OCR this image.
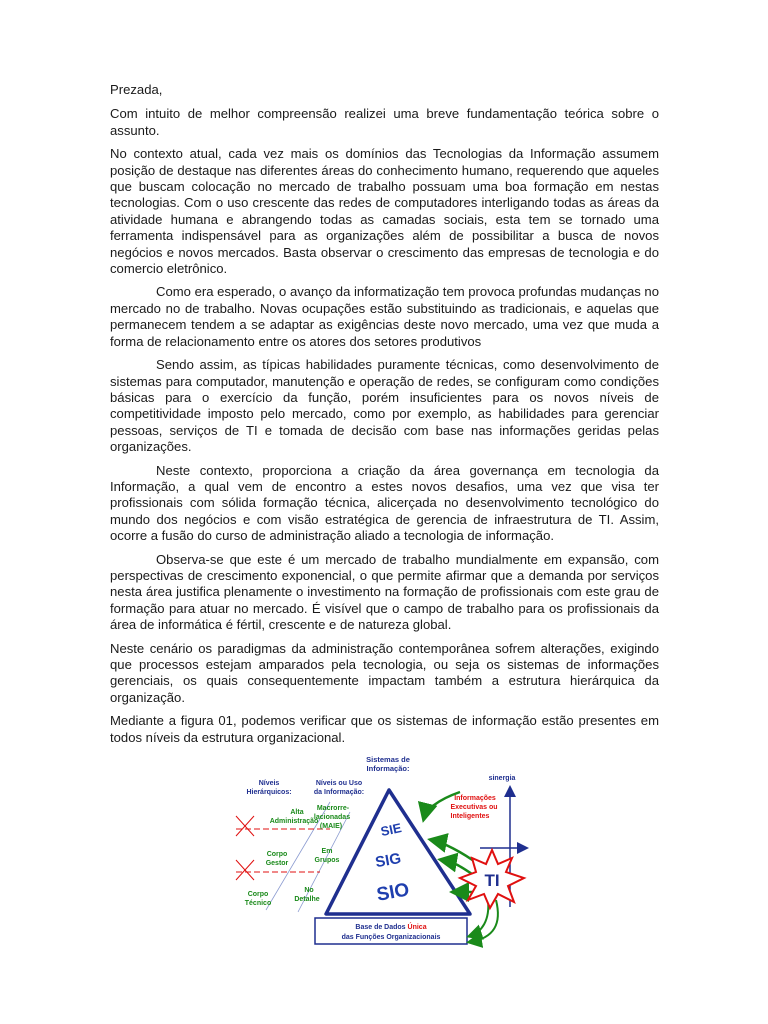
Prezada,

Com intuito de melhor compreensão realizei uma breve fundamentação teórica sobre o assunto.

No contexto atual, cada vez mais os domínios das Tecnologias da Informação assumem posição de destaque nas diferentes áreas do conhecimento humano, requerendo que aqueles que buscam colocação no mercado de trabalho possuam uma boa formação em nestas tecnologias. Com o uso crescente das redes de computadores interligando todas as áreas da atividade humana e abrangendo todas as camadas sociais, esta tem se tornado uma ferramenta indispensável para as organizações além de possibilitar a busca de novos negócios e novos mercados. Basta observar o crescimento das empresas de tecnologia e do comercio eletrônico.

Como era esperado, o avanço da informatização tem provoca profundas mudanças no mercado no de trabalho. Novas ocupações estão substituindo as tradicionais, e aquelas que permanecem tendem a se adaptar as exigências deste novo mercado, uma vez que muda a forma de relacionamento entre os atores dos setores produtivos

Sendo assim, as típicas habilidades puramente técnicas, como desenvolvimento de sistemas para computador, manutenção e operação de redes, se configuram como condições básicas para o exercício da função, porém insuficientes para os novos níveis de competitividade imposto pelo mercado, como por exemplo, as habilidades para gerenciar pessoas, serviços de TI e tomada de decisão com base nas informações geridas pelas organizações.

Neste contexto, proporciona a criação da área governança em tecnologia da Informação, a qual vem de encontro a estes novos desafios, uma vez que visa ter profissionais com sólida formação técnica, alicerçada no desenvolvimento tecnológico do mundo dos negócios e com visão estratégica de gerencia de infraestrutura de TI. Assim, ocorre a fusão do curso de administração aliado a tecnologia de informação.

Observa-se que este é um mercado de trabalho mundialmente em expansão, com perspectivas de crescimento exponencial, o que permite afirmar que a demanda por serviços nesta área justifica plenamente o investimento na formação de profissionais com este grau de formação para atuar no mercado. É visível que o campo de trabalho para os profissionais da área de informática é fértil, crescente e de natureza global.

Neste cenário os paradigmas da administração contemporânea sofrem alterações, exigindo que processos estejam amparados pela tecnologia, ou seja os sistemas de informações gerenciais, os quais consequentemente impactam também a estrutura hierárquica da organização.

Mediante a figura 01, podemos verificar que os sistemas de informação estão presentes em todos níveis da estrutura organizacional.

Sistemas de
Informação:
Níveis
Hierárquicos:
Níveis ou Uso
da Informação:
Alta
Administração
Corpo
Gestor
Corpo
Técnico
Macrorre-
lacionadas
(MAIE)
Em
Grupos
No
Detalhe
SIE
SIG
SIO
Base de Dados Única
das Funções Organizacionais
sinergia
Informações
Executivas ou
Inteligentes
TI
